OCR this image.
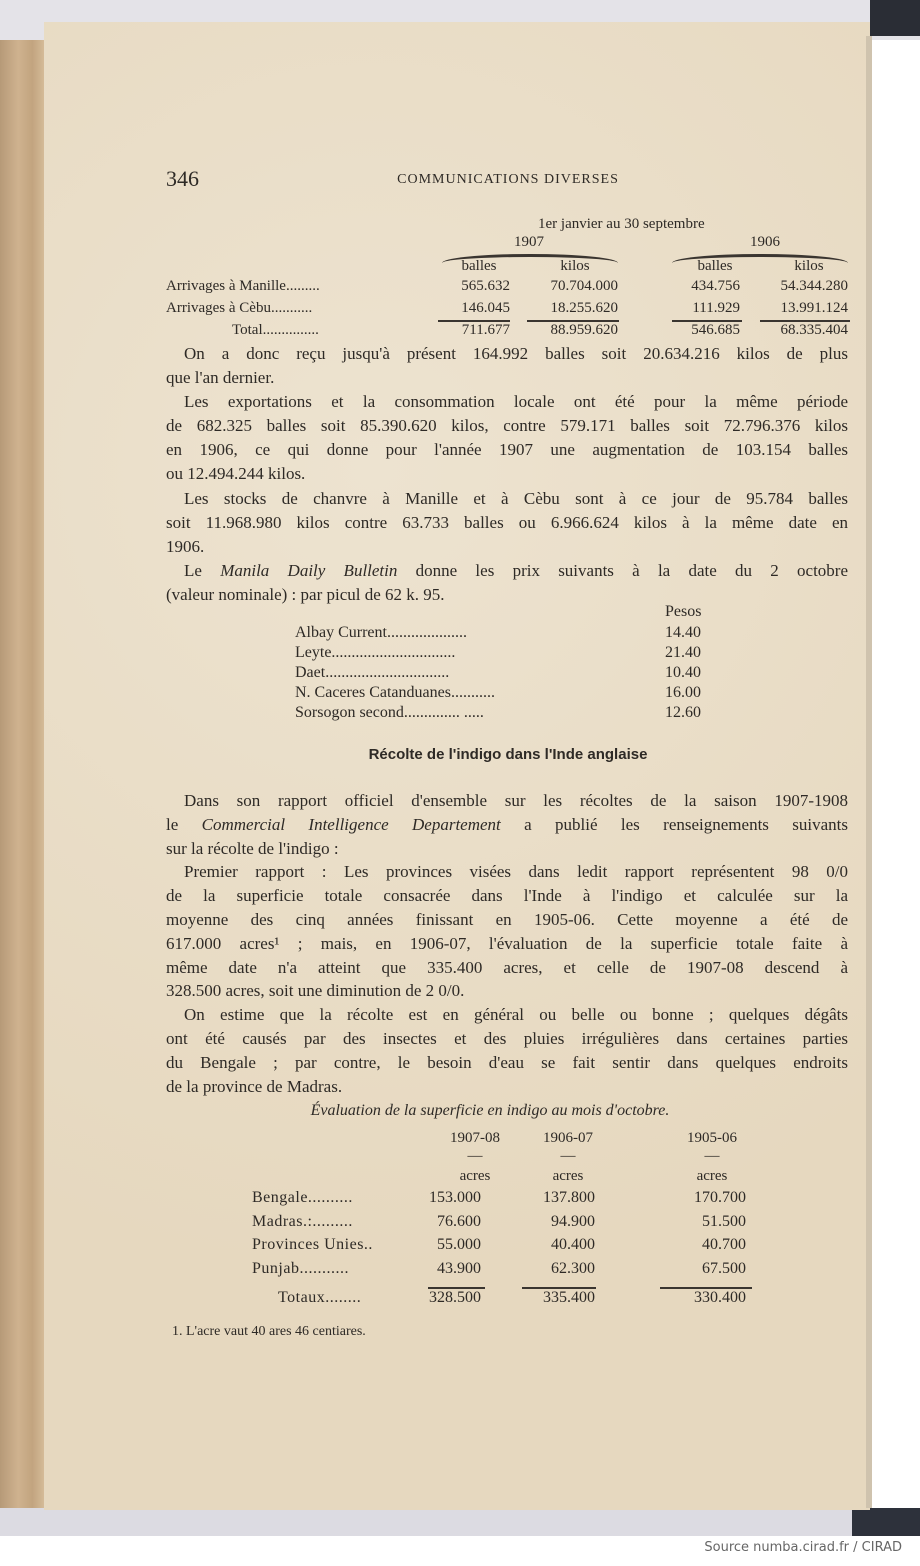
346	COMMUNICATIONS DIVERSES
1er janvier au 30 septembre
1907	1906
balles	kilos	balles	kilos
Arrivages à Manille.........	565.632	70.704.000	434.756	54.344.280
Arrivages à Cèbu...........	146.045	18.255.620	111.929	13.991.124
Total...............	711.677	88.959.620	546.685	68.335.404
On a donc reçu jusqu'à présent 164.992 balles soit 20.634.216 kilos de plus
que l'an dernier.
Les exportations et la consommation locale ont été pour la même période
de 682.325 balles soit 85.390.620 kilos, contre 579.171 balles soit 72.796.376 kilos
en 1906, ce qui donne pour l'année 1907 une augmentation de 103.154 balles
ou 12.494.244 kilos.
Les stocks de chanvre à Manille et à Cèbu sont à ce jour de 95.784 balles
soit 11.968.980 kilos contre 63.733 balles ou 6.966.624 kilos à la même date en
1906.
Le Manila Daily Bulletin donne les prix suivants à la date du 2 octobre
(valeur nominale) : par picul de 62 k. 95.
Pesos
Albay Current....................	14.40
Leyte...............................	21.40
Daet...............................	10.40
N. Caceres Catanduanes...........	16.00
Sorsogon second.............. .....	12.60
Récolte de l'indigo dans l'Inde anglaise
Dans son rapport officiel d'ensemble sur les récoltes de la saison 1907-1908
le Commercial Intelligence Departement a publié les renseignements suivants
sur la récolte de l'indigo :
Premier rapport : Les provinces visées dans ledit rapport représentent 98 0/0
de la superficie totale consacrée dans l'Inde à l'indigo et calculée sur la
moyenne des cinq années finissant en 1905-06. Cette moyenne a été de
617.000 acres¹ ; mais, en 1906-07, l'évaluation de la superficie totale faite à
même date n'a atteint que 335.400 acres, et celle de 1907-08 descend à
328.500 acres, soit une diminution de 2 0/0.
On estime que la récolte est en général ou belle ou bonne ; quelques dégâts
ont été causés par des insectes et des pluies irrégulières dans certaines parties
du Bengale ; par contre, le besoin d'eau se fait sentir dans quelques endroits
de la province de Madras.
Évaluation de la superficie en indigo au mois d'octobre.
1907-08
—
acres
1906-07
—
acres
1905-06
—
acres
Bengale..........	153.000	137.800	170.700
Madras.:.........	76.600	94.900	51.500
Provinces Unies..	55.000	40.400	40.700
Punjab...........	43.900	62.300	67.500
Totaux........	328.500	335.400	330.400
1. L'acre vaut 40 ares 46 centiares.
Source numba.cirad.fr / CIRAD
